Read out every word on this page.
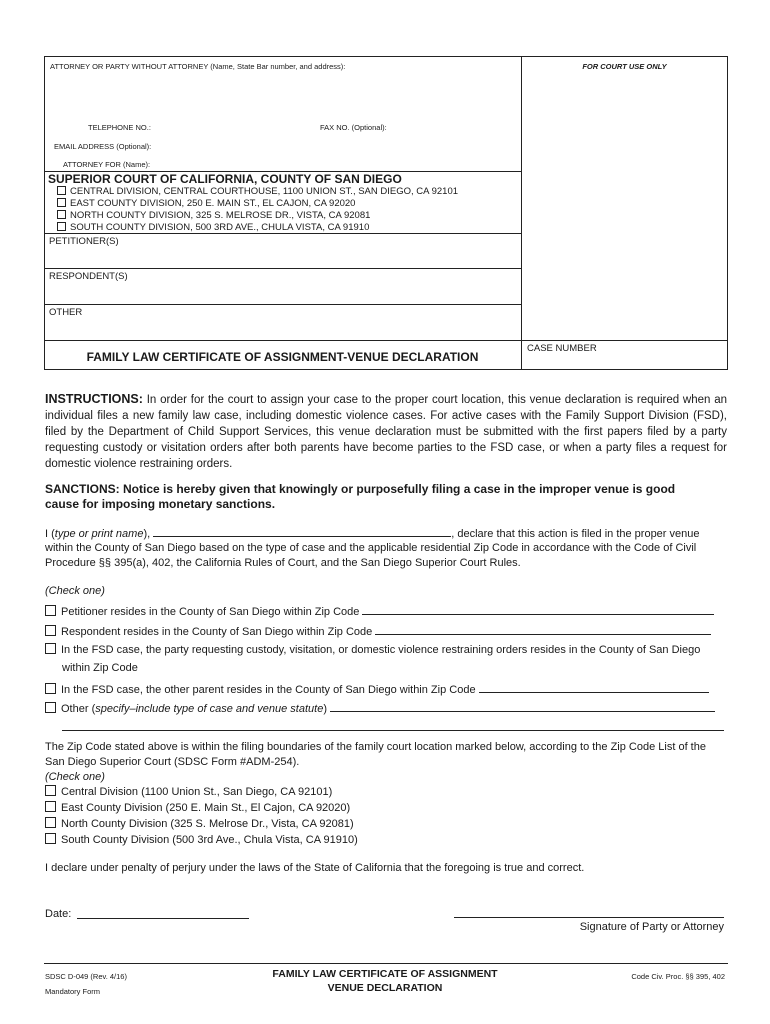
ATTORNEY OR PARTY WITHOUT ATTORNEY (Name, State Bar number, and address):	FOR COURT USE ONLY
TELEPHONE NO.:	FAX NO. (Optional):
EMAIL ADDRESS (Optional):
ATTORNEY FOR (Name):
SUPERIOR COURT OF CALIFORNIA, COUNTY OF SAN DIEGO
CENTRAL DIVISION, CENTRAL COURTHOUSE, 1100 UNION ST., SAN DIEGO, CA 92101
EAST COUNTY DIVISION, 250 E. MAIN ST., EL CAJON, CA 92020
NORTH COUNTY DIVISION, 325 S. MELROSE DR., VISTA, CA 92081
SOUTH COUNTY DIVISION, 500 3RD AVE., CHULA VISTA, CA 91910
PETITIONER(S)
RESPONDENT(S)
OTHER
FAMILY LAW CERTIFICATE OF ASSIGNMENT-VENUE DECLARATION
CASE NUMBER
INSTRUCTIONS: In order for the court to assign your case to the proper court location, this venue declaration is required when an individual files a new family law case, including domestic violence cases. For active cases with the Family Support Division (FSD), filed by the Department of Child Support Services, this venue declaration must be submitted with the first papers filed by a party requesting custody or visitation orders after both parents have become parties to the FSD case, or when a party files a request for domestic violence restraining orders.
SANCTIONS: Notice is hereby given that knowingly or purposefully filing a case in the improper venue is good
cause for imposing monetary sanctions.
I (type or print name),	, declare that this action is filed in the proper venue
within the County of San Diego based on the type of case and the applicable residential Zip Code in accordance with the Code of Civil
Procedure §§ 395(a), 402, the California Rules of Court, and the San Diego Superior Court Rules.
(Check one)
Petitioner resides in the County of San Diego within Zip Code
Respondent resides in the County of San Diego within Zip Code
In the FSD case, the party requesting custody, visitation, or domestic violence restraining orders resides in the County of San Diego
within Zip Code
In the FSD case, the other parent resides in the County of San Diego within Zip Code
Other (specify–include type of case and venue statute)
The Zip Code stated above is within the filing boundaries of the family court location marked below, according to the Zip Code List of the
San Diego Superior Court (SDSC Form #ADM-254).
(Check one)
Central Division (1100 Union St., San Diego, CA 92101)
East County Division (250 E. Main St., El Cajon, CA 92020)
North County Division (325 S. Melrose Dr., Vista, CA 92081)
South County Division (500 3rd Ave., Chula Vista, CA 91910)
I declare under penalty of perjury under the laws of the State of California that the foregoing is true and correct.
Date:
Signature of Party or Attorney
SDSC D-049 (Rev. 4/16)
Mandatory Form
FAMILY LAW CERTIFICATE OF ASSIGNMENT
VENUE DECLARATION
Code Civ. Proc. §§ 395, 402
